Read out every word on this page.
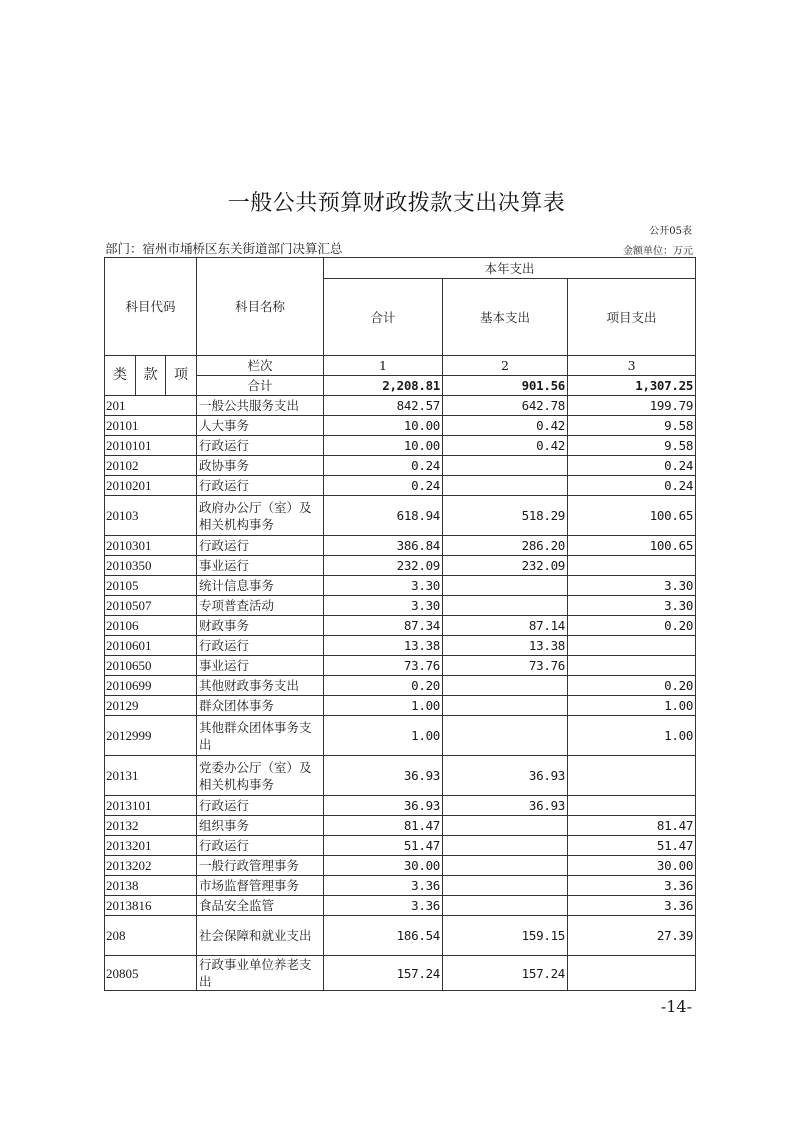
一般公共预算财政拨款支出决算表
公开05表
部门：宿州市埇桥区东关街道部门决算汇总	金额单位：万元
科目代码			科目名称	本年支出		
				合计	基本支出	项目支出
类	款	项	栏次	1	2	3
			合计	2,208.81	901.56	1,307.25
201			一般公共服务支出	842.57	642.78	199.79
20101			人大事务	10.00	0.42	9.58
2010101			行政运行	10.00	0.42	9.58
20102			政协事务	0.24		0.24
2010201			行政运行	0.24		0.24
20103			政府办公厅（室）及相关机构事务	618.94	518.29	100.65
2010301			行政运行	386.84	286.20	100.65
2010350			事业运行	232.09	232.09	
20105			统计信息事务	3.30		3.30
2010507			专项普查活动	3.30		3.30
20106			财政事务	87.34	87.14	0.20
2010601			行政运行	13.38	13.38	
2010650			事业运行	73.76	73.76	
2010699			其他财政事务支出	0.20		0.20
20129			群众团体事务	1.00		1.00
2012999			其他群众团体事务支出	1.00		1.00
20131			党委办公厅（室）及相关机构事务	36.93	36.93	
2013101			行政运行	36.93	36.93	
20132			组织事务	81.47		81.47
2013201			行政运行	51.47		51.47
2013202			一般行政管理事务	30.00		30.00
20138			市场监督管理事务	3.36		3.36
2013816			食品安全监管	3.36		3.36
208			社会保障和就业支出	186.54	159.15	27.39
20805			行政事业单位养老支出	157.24	157.24	
-14-
